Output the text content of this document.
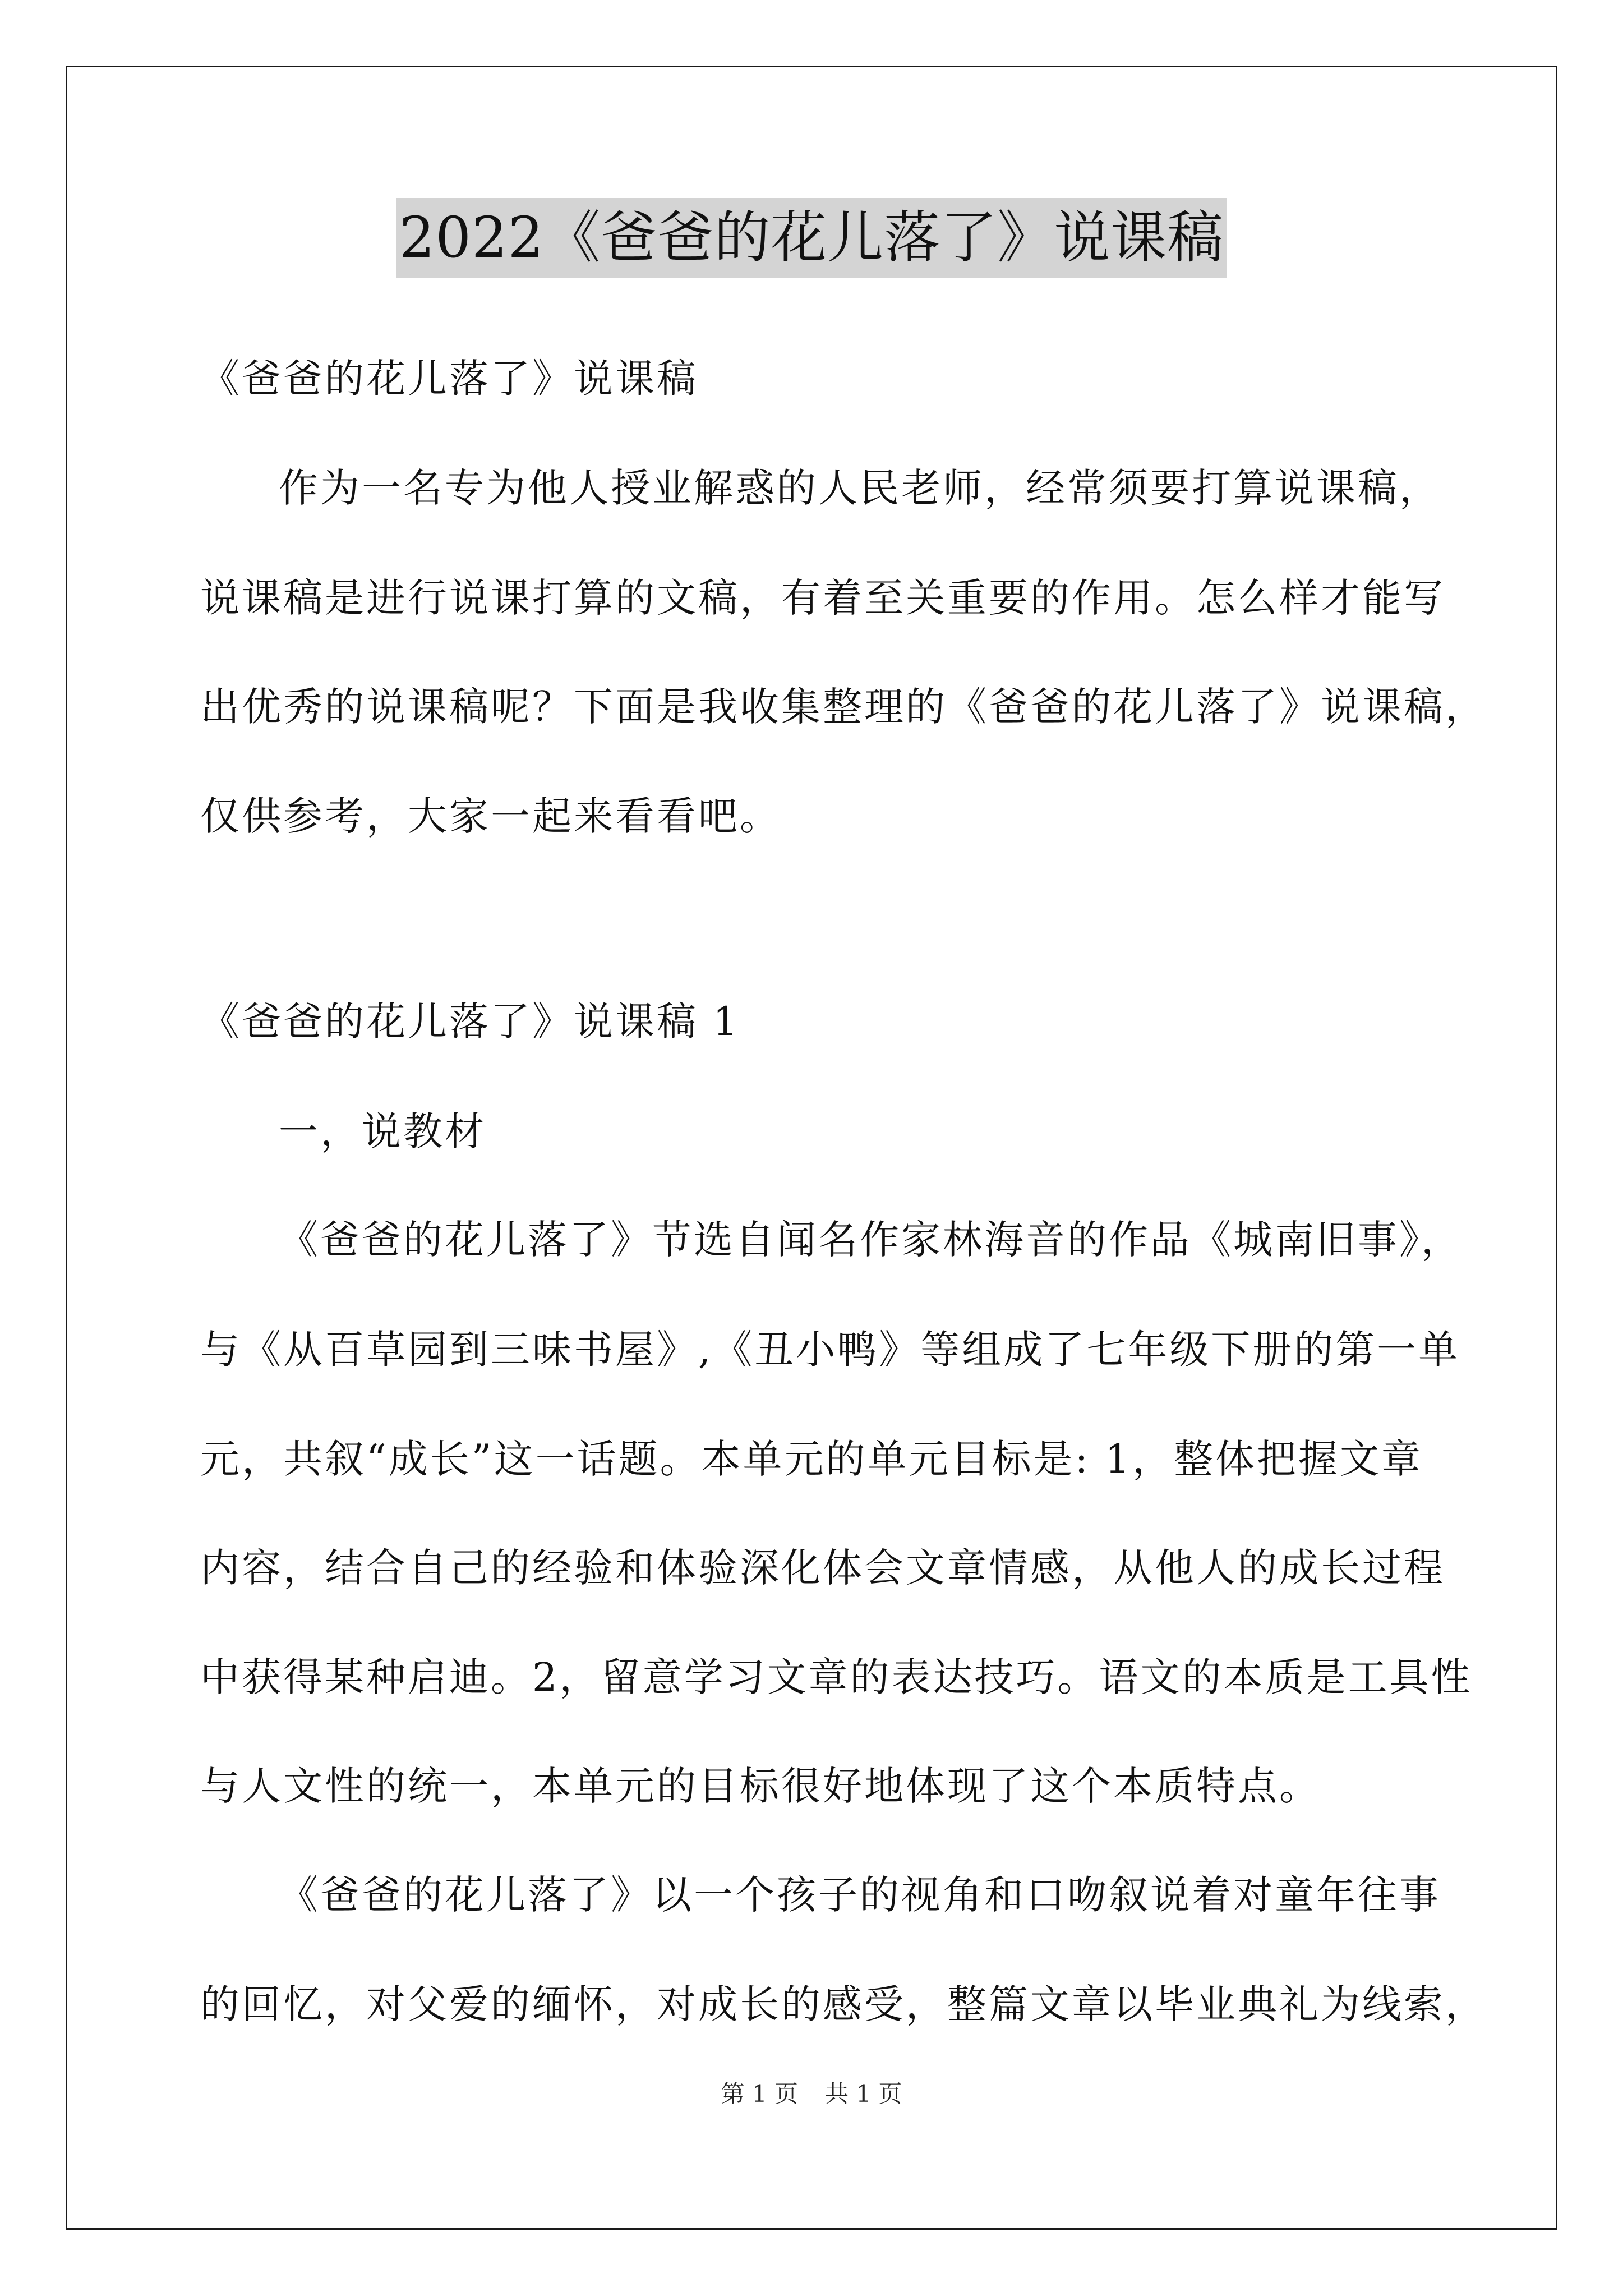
2022《爸爸的花儿落了》说课稿
《爸爸的花儿落了》说课稿
作为一名专为他人授业解惑的人民老师，经常须要打算说课稿，
说课稿是进行说课打算的文稿，有着至关重要的作用。怎么样才能写
出优秀的说课稿呢？下面是我收集整理的《爸爸的花儿落了》说课稿，
仅供参考，大家一起来看看吧。
《爸爸的花儿落了》说课稿 1
一，说教材
《爸爸的花儿落了》节选自闻名作家林海音的作品《城南旧事》，
与《从百草园到三味书屋》,《丑小鸭》等组成了七年级下册的第一单
元，共叙“成长”这一话题。本单元的单元目标是: 1，整体把握文章
内容，结合自己的经验和体验深化体会文章情感，从他人的成长过程
中获得某种启迪。2，留意学习文章的表达技巧。语文的本质是工具性
与人文性的统一，本单元的目标很好地体现了这个本质特点。
《爸爸的花儿落了》以一个孩子的视角和口吻叙说着对童年往事
的回忆，对父爱的缅怀，对成长的感受，整篇文章以毕业典礼为线索，
第 1 页 共 1 页
